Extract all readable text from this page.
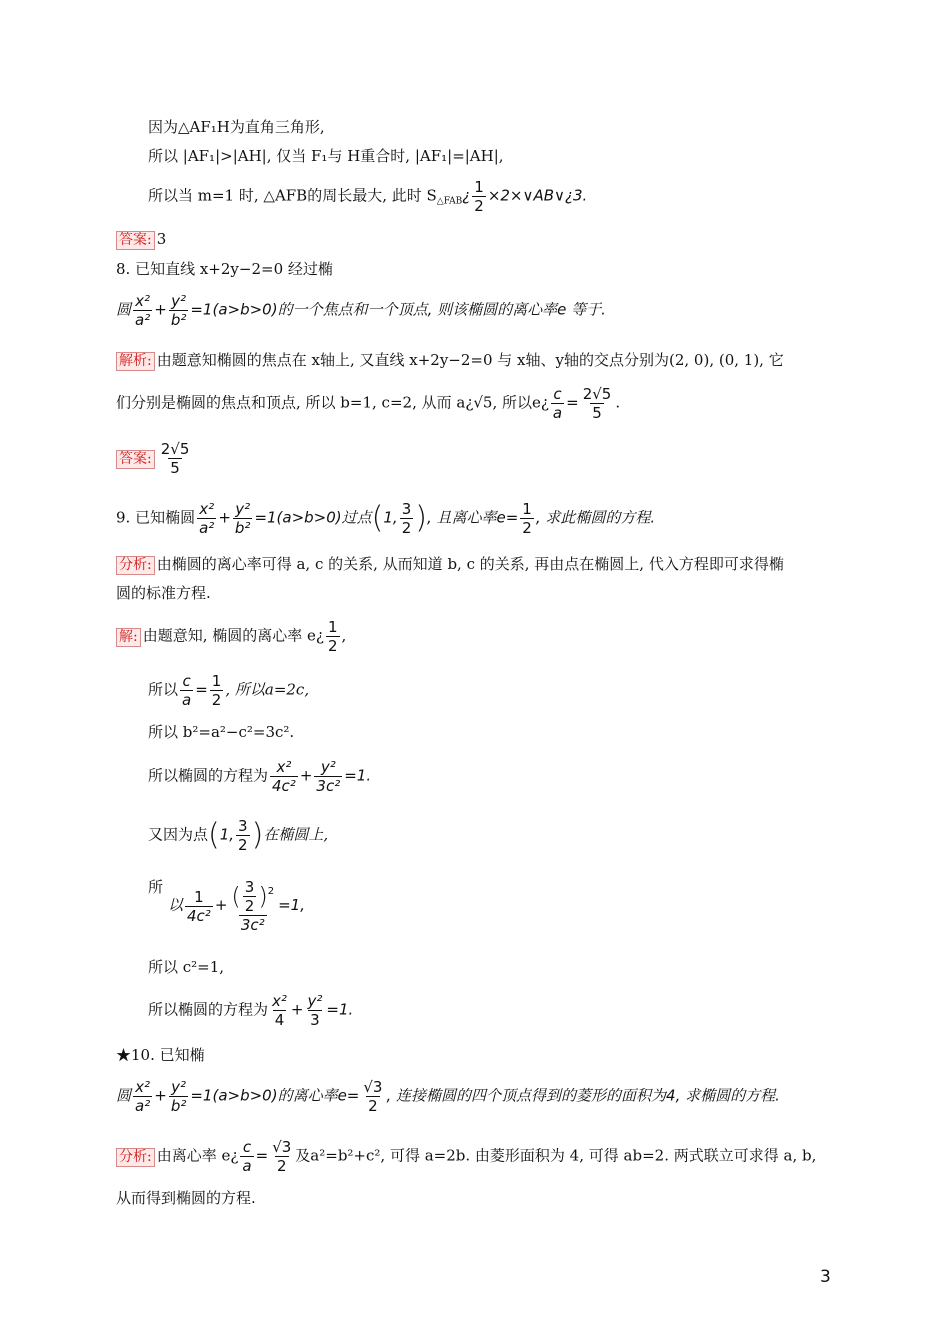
因为△AF₁H为直角三角形,
所以 |AF₁|>|AH|, 仅当 F₁与 H重合时, |AF₁|=|AH|,
所以当 m=1 时, △AFB的周长最大, 此时 $S_{\triangle FAB}¿ \frac{1}{2}$ ×2×∨AB∨¿3.
答案: 3
8. 已知直线 x+2y−2=0 经过椭
圆 $\frac{\text{x²}}{\text{a²}} + \frac{\text{y²}}{\text{b²}} =1(a>b>0)$的一个焦点和一个顶点, 则该椭圆的离心率e 等于.
解析: 由题意知椭圆的焦点在 x轴上, 又直线 x+2y−2=0 与 x轴、y轴的交点分别为(2, 0), (0, 1), 它
们分别是椭圆的焦点和顶点, 所以 b=1, c=2, 从而 a¿√5, 所以e¿ $\frac{c}{a} = \frac{2√5}{5}$ .
答案: $\frac{2√5}{5}$
9. 已知椭圆 $\frac{\text{x²}}{\text{a²}} + \frac{\text{y²}}{\text{b²}} =1(a>b>0)$过点(1, $\frac{3}{2}$ ), 且离心率$e= \frac{1}{2}$ , 求此椭圆的方程.
分析: 由椭圆的离心率可得 a, c 的关系, 从而知道 b, c 的关系, 再由点在椭圆上, 代入方程即可求得椭
圆的标准方程.
解: 由题意知, 椭圆的离心率 e¿ $\frac{1}{2}$ ,
所以 $\frac{c}{a} = \frac{1}{2}$ , 所以a=2c,
所以 b²=a²−c²=3c².
所以椭圆的方程为 $\frac{\text{x²}}{\text{4c²}} + \frac{\text{y²}}{\text{3c²}} =1$.
又因为点(1, $\frac{3}{2}$ )在椭圆上,
所
以 $\frac{1}{\text{4c²}} + \frac{( \frac{3}{2} )^2}{\text{3c²}} =1$,
所以 c²=1,
所以椭圆的方程为 $\frac{\text{x²}}{4} + \frac{\text{y²}}{3} =1$.
★10. 已知椭
圆 $\frac{\text{x²}}{\text{a²}} + \frac{\text{y²}}{\text{b²}} =1(a>b>0)$的离心率$e= \frac{√3}{2}$ , 连接椭圆的四个顶点得到的菱形的面积为4, 求椭圆的方程.
分析: 由离心率 e¿ $\frac{c}{a} = \frac{√3}{2}$ 及a²=b²+c², 可得 a=2b. 由菱形面积为 4, 可得 ab=2. 两式联立可求得 a, b,
从而得到椭圆的方程.
3
